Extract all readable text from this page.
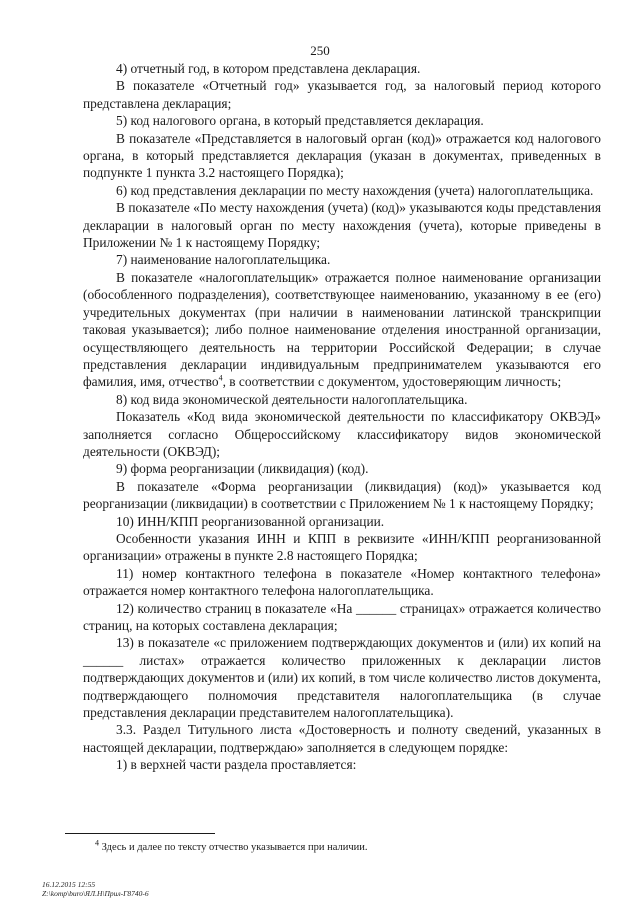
250

4) отчетный год, в котором представлена декларация.

В показателе «Отчетный год» указывается год, за налоговый период которого представлена декларация;

5) код налогового органа, в который представляется декларация.

В показателе «Представляется в налоговый орган (код)» отражается код налогового органа, в который представляется декларация (указан в документах, приведенных в подпункте 1 пункта 3.2 настоящего Порядка);

6) код представления декларации по месту нахождения (учета) налогоплательщика.

В показателе «По месту нахождения (учета) (код)» указываются коды представления декларации в налоговый орган по месту нахождения (учета), которые приведены в Приложении № 1 к настоящему Порядку;

7) наименование налогоплательщика.

В показателе «налогоплательщик» отражается полное наименование организации (обособленного подразделения), соответствующее наименованию, указанному в ее (его) учредительных документах (при наличии в наименовании латинской транскрипции таковая указывается); либо полное наименование отделения иностранной организации, осуществляющего деятельность на территории Российской Федерации; в случае представления декларации индивидуальным предпринимателем указываются его фамилия, имя, отчество$^4$, в соответствии с документом, удостоверяющим личность;

8) код вида экономической деятельности налогоплательщика.

Показатель «Код вида экономической деятельности по классификатору ОКВЭД» заполняется согласно Общероссийскому классификатору видов экономической деятельности (ОКВЭД);

9) форма реорганизации (ликвидация) (код).

В показателе «Форма реорганизации (ликвидация) (код)» указывается код реорганизации (ликвидации) в соответствии с Приложением № 1 к настоящему Порядку;

10) ИНН/КПП реорганизованной организации.

Особенности указания ИНН и КПП в реквизите «ИНН/КПП реорганизованной организации» отражены в пункте 2.8 настоящего Порядка;

11) номер контактного телефона в показателе «Номер контактного телефона» отражается номер контактного телефона налогоплательщика.

12) количество страниц в показателе «На ______ страницах» отражается количество страниц, на которых составлена декларация;

13) в показателе «с приложением подтверждающих документов и (или) их копий на ______ листах» отражается количество приложенных к декларации листов подтверждающих документов и (или) их копий, в том числе количество листов документа, подтверждающего полномочия представителя налогоплательщика (в случае представления декларации представителем налогоплательщика).

3.3. Раздел Титульного листа «Достоверность и полноту сведений, указанных в настоящей декларации, подтверждаю» заполняется в следующем порядке:

1) в верхней части раздела проставляется:

$^4$ Здесь и далее по тексту отчество указывается при наличии.
16.12.2015 12:55
Z:\komp\buro\ЯЛ.Н\Прил-Г8740-6
